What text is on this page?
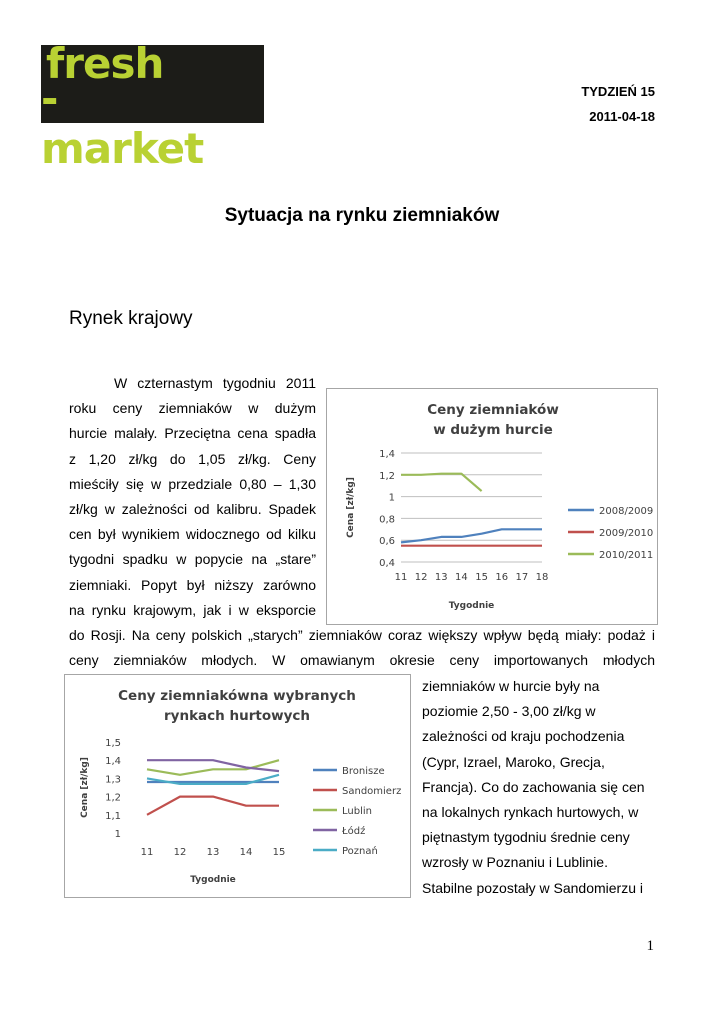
fresh
-market.pl
TYDZIEŃ 15
2011-04-18
Sytuacja na rynku ziemniaków
Rynek krajowy
W czternastym tygodniu 2011
roku ceny ziemniaków w dużym
hurcie malały. Przeciętna cena spadła
z 1,20 zł/kg do 1,05 zł/kg. Ceny
mieściły się w przedziale 0,80 – 1,30
zł/kg w zależności od kalibru. Spadek
cen był wynikiem widocznego od kilku
tygodni spadku w popycie na „stare”
ziemniaki. Popyt był niższy zarówno
na rynku krajowym, jak i w eksporcie
do Rosji. Na ceny polskich „starych” ziemniaków coraz większy wpływ będą miały: podaż i
ceny ziemniaków młodych. W omawianym okresie ceny importowanych młodych
ziemniaków w hurcie były na
poziomie 2,50 - 3,00 zł/kg w
zależności od kraju pochodzenia
(Cypr, Izrael, Maroko, Grecja,
Francja). Co do zachowania się cen
na lokalnych rynkach hurtowych, w
piętnastym tygodniu średnie ceny
wzrosły w Poznaniu i Lublinie.
Stabilne pozostały w Sandomierzu i
Ceny ziemniaków
w dużym hurcie
0,4
0,6
0,8
1
1,2
1,4
11 12 13 14 15 16 17 18
Tygodnie
Cena [zł/kg]	2008/2009
2009/2010
2010/2011
Ceny ziemniakówna wybranych
rynkach hurtowych
1
1,1
1,2
1,3
1,4
1,5
11 12 13 14 15
Tygodnie
Cena [zł/kg]	Bronisze
Sandomierz
Lublin
Łódź
Poznań
1
